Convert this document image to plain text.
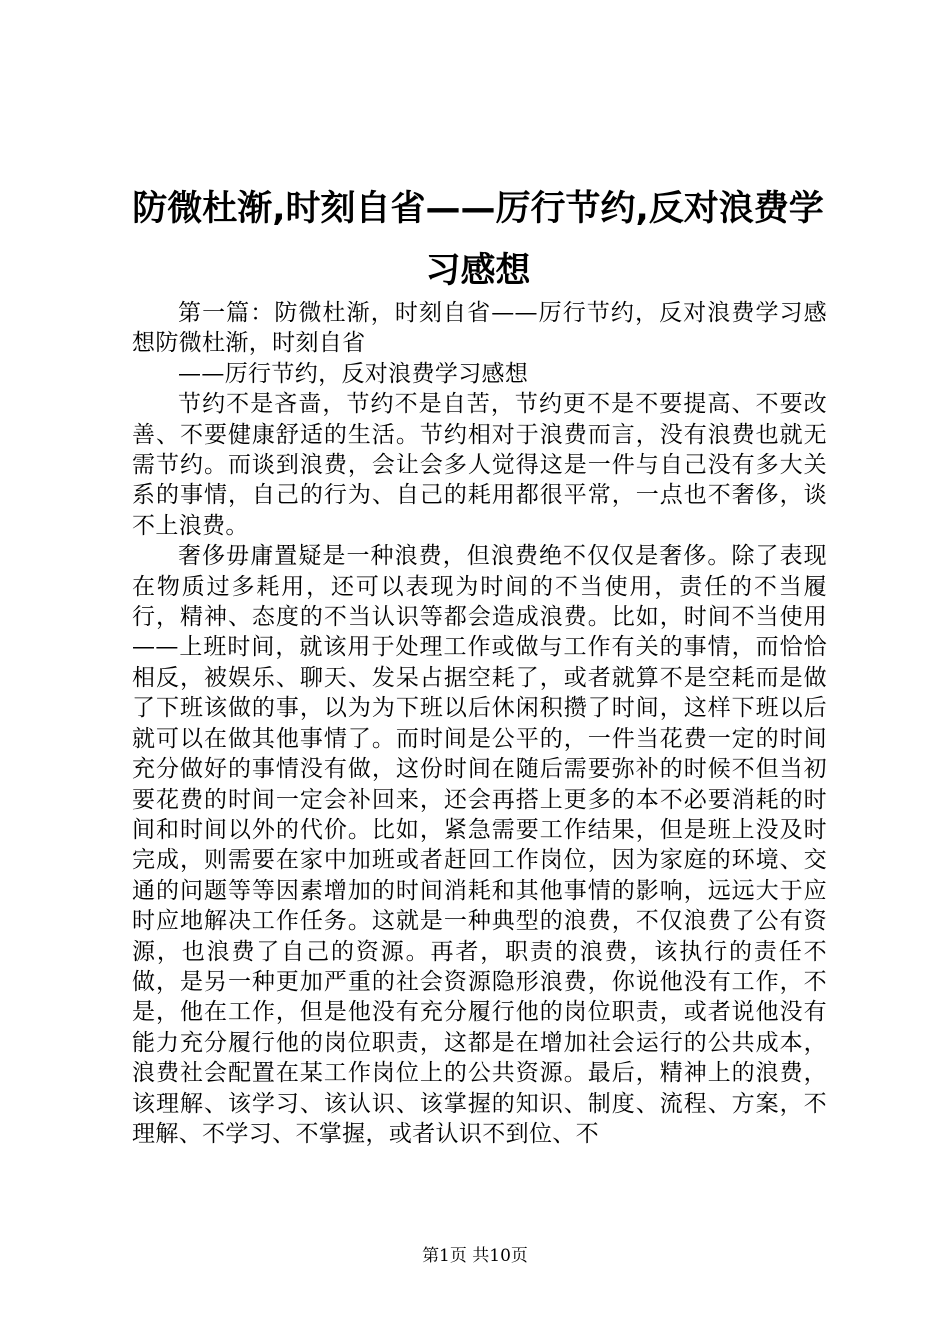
防微杜渐,时刻自省——厉行节约,反对浪费学习感想

第一篇：防微杜渐，时刻自省——厉行节约，反对浪费学习感想防微杜渐，时刻自省

——厉行节约，反对浪费学习感想

节约不是吝啬，节约不是自苦，节约更不是不要提高、不要改善、不要健康舒适的生活。节约相对于浪费而言，没有浪费也就无需节约。而谈到浪费，会让会多人觉得这是一件与自己没有多大关系的事情，自己的行为、自己的耗用都很平常，一点也不奢侈，谈不上浪费。

奢侈毋庸置疑是一种浪费，但浪费绝不仅仅是奢侈。除了表现在物质过多耗用，还可以表现为时间的不当使用，责任的不当履行，精神、态度的不当认识等都会造成浪费。比如，时间不当使用——上班时间，就该用于处理工作或做与工作有关的事情，而恰恰相反，被娱乐、聊天、发呆占据空耗了，或者就算不是空耗而是做了下班该做的事，以为为下班以后休闲积攒了时间，这样下班以后就可以在做其他事情了。而时间是公平的，一件当花费一定的时间充分做好的事情没有做，这份时间在随后需要弥补的时候不但当初要花费的时间一定会补回来，还会再搭上更多的本不必要消耗的时间和时间以外的代价。比如，紧急需要工作结果，但是班上没及时完成，则需要在家中加班或者赶回工作岗位，因为家庭的环境、交通的问题等等因素增加的时间消耗和其他事情的影响，远远大于应时应地解决工作任务。这就是一种典型的浪费，不仅浪费了公有资源，也浪费了自己的资源。再者，职责的浪费，该执行的责任不做，是另一种更加严重的社会资源隐形浪费，你说他没有工作，不是，他在工作，但是他没有充分履行他的岗位职责，或者说他没有能力充分履行他的岗位职责，这都是在增加社会运行的公共成本，浪费社会配置在某工作岗位上的公共资源。最后，精神上的浪费，该理解、该学习、该认识、该掌握的知识、制度、流程、方案，不理解、不学习、不掌握，或者认识不到位、不

第1页 共10页
